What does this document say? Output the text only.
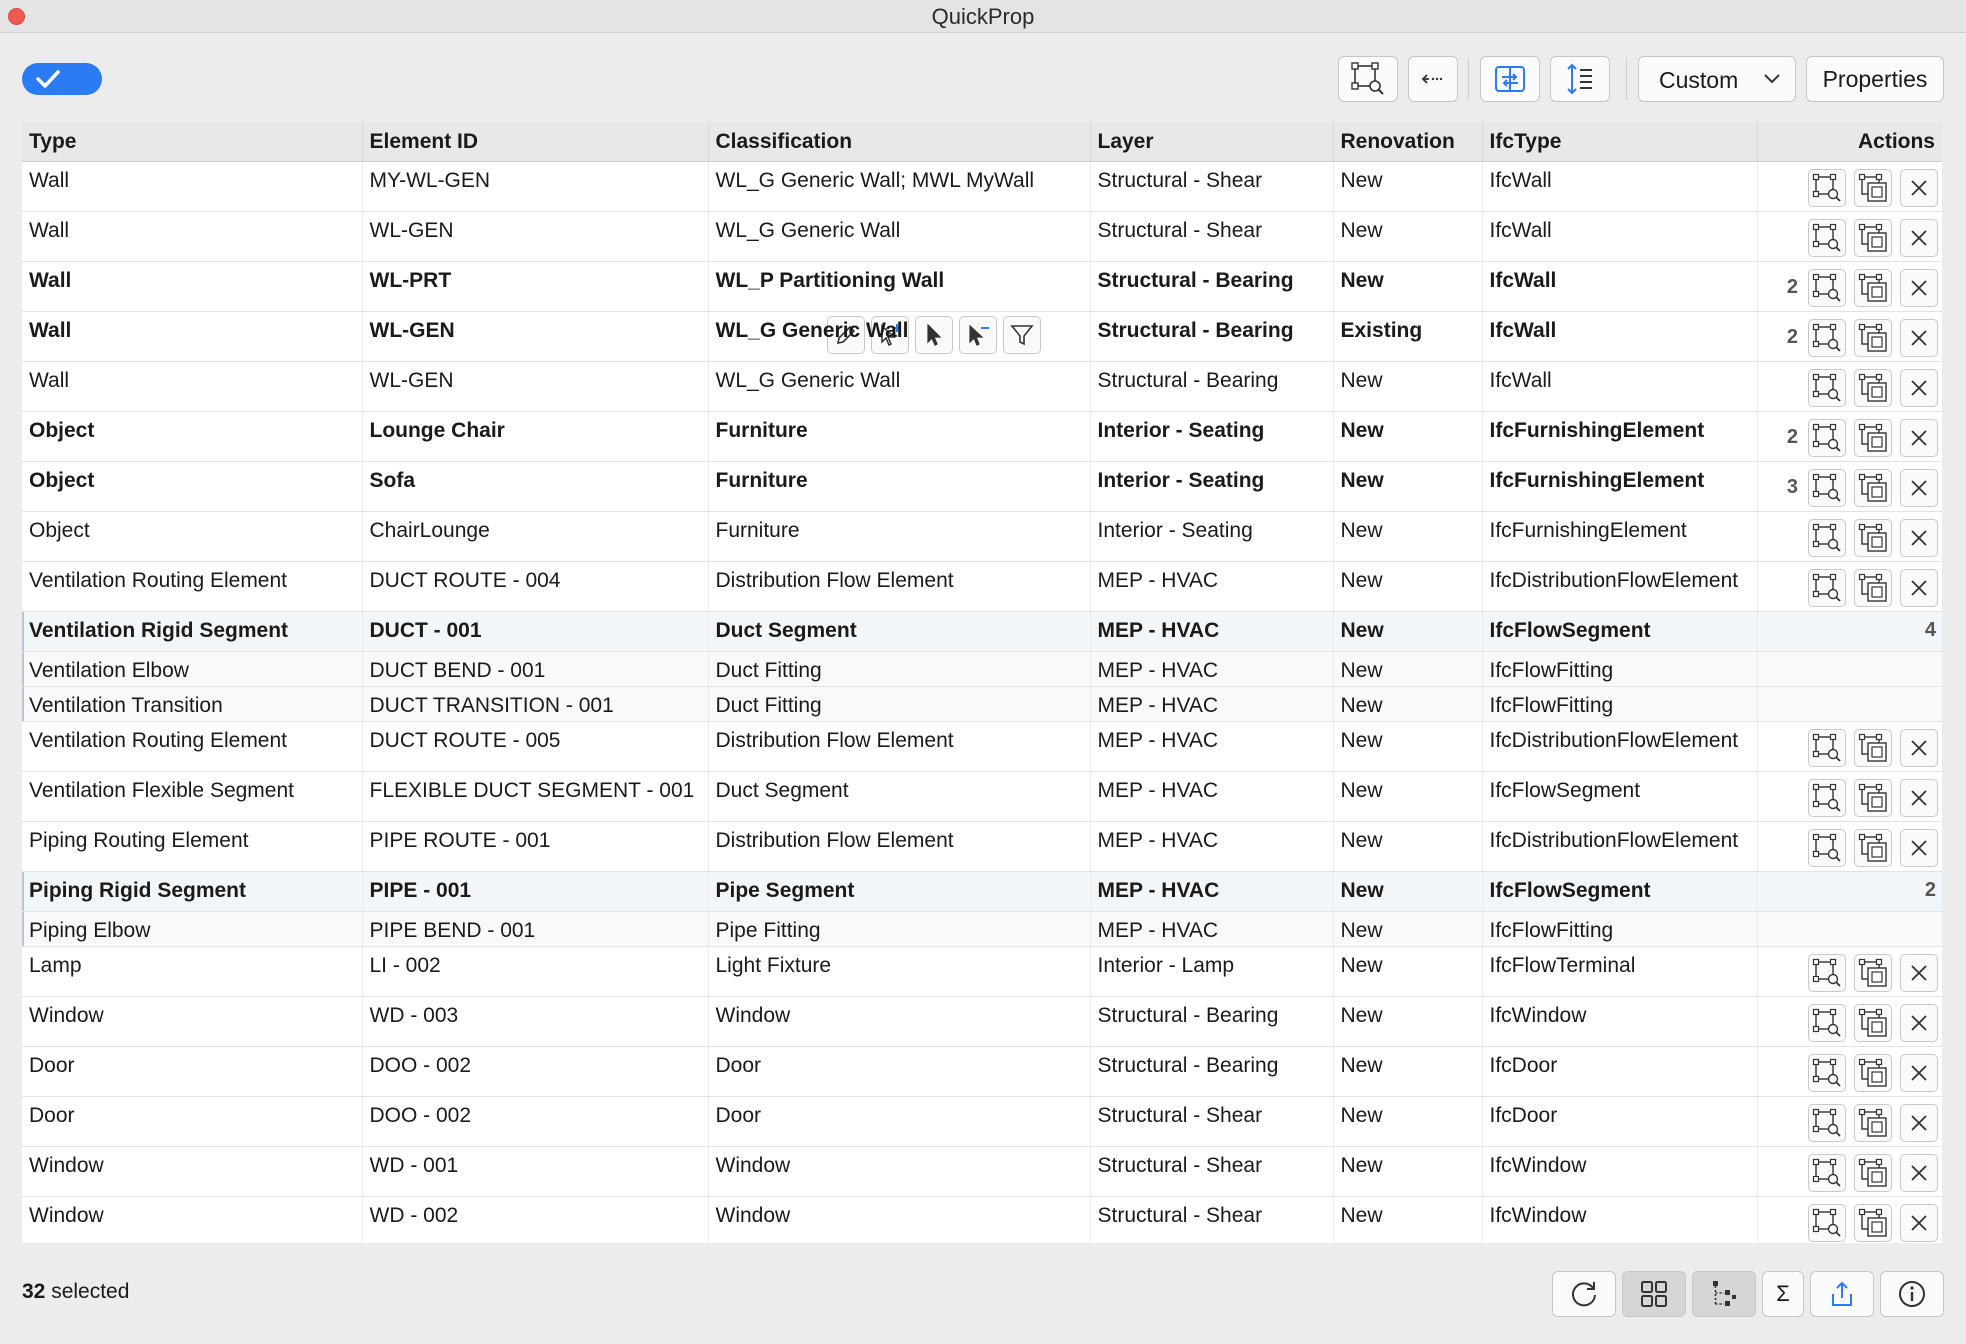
QuickProp
Custom	Properties
Type	Element ID	Classification	Layer	Renovation	IfcType	Actions
Wall	MY-WL-GEN	WL_G Generic Wall; MWL MyWall	Structural - Shear	New	IfcWall	

Wall	WL-GEN	WL_G Generic Wall	Structural - Shear	New	IfcWall	

Wall	WL-PRT	WL_P Partitioning Wall	Structural - Bearing	New	IfcWall	2

Wall	WL-GEN	WL_G Generic Wall	Structural - Bearing	Existing	IfcWall	2

Wall	WL-GEN	WL_G Generic Wall	Structural - Bearing	New	IfcWall	

Object	Lounge Chair	Furniture	Interior - Seating	New	IfcFurnishingElement	2

Object	Sofa	Furniture	Interior - Seating	New	IfcFurnishingElement	3

Object	ChairLounge	Furniture	Interior - Seating	New	IfcFurnishingElement	

Ventilation Routing Element	DUCT ROUTE - 004	Distribution Flow Element	MEP - HVAC	New	IfcDistributionFlowElement	

Ventilation Rigid Segment	DUCT - 001	Duct Segment	MEP - HVAC	New	IfcFlowSegment	4

Ventilation Elbow	DUCT BEND - 001	Duct Fitting	MEP - HVAC	New	IfcFlowFitting	
Ventilation Transition	DUCT TRANSITION - 001	Duct Fitting	MEP - HVAC	New	IfcFlowFitting	
Ventilation Routing Element	DUCT ROUTE - 005	Distribution Flow Element	MEP - HVAC	New	IfcDistributionFlowElement	

Ventilation Flexible Segment	FLEXIBLE DUCT SEGMENT - 001	Duct Segment	MEP - HVAC	New	IfcFlowSegment	

Piping Routing Element	PIPE ROUTE - 001	Distribution Flow Element	MEP - HVAC	New	IfcDistributionFlowElement	

Piping Rigid Segment	PIPE - 001	Pipe Segment	MEP - HVAC	New	IfcFlowSegment	2

Piping Elbow	PIPE BEND - 001	Pipe Fitting	MEP - HVAC	New	IfcFlowFitting	
Lamp	LI - 002	Light Fixture	Interior - Lamp	New	IfcFlowTerminal	

Window	WD - 003	Window	Structural - Bearing	New	IfcWindow	

Door	DOO - 002	Door	Structural - Bearing	New	IfcDoor	

Door	DOO - 002	Door	Structural - Shear	New	IfcDoor	

Window	WD - 001	Window	Structural - Shear	New	IfcWindow	

Window	WD - 002	Window	Structural - Shear	New	IfcWindow	
32 selected	Σ
